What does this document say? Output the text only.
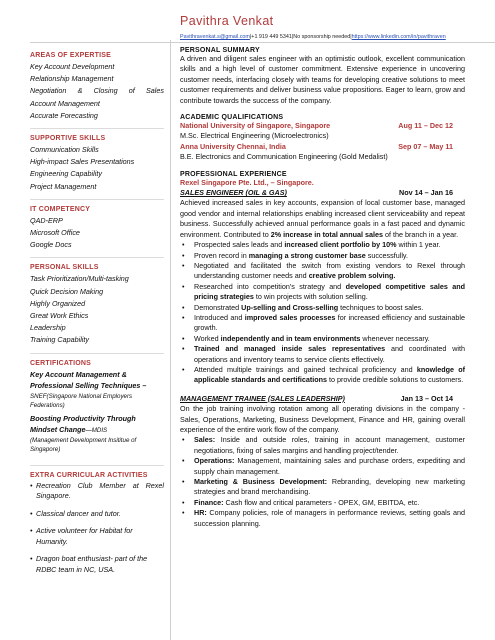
Pavithra Venkat
Pavithravenkat.s@gmail.com|+1 919 449 5341|No sponsorship needed|https://www.linkedin.com/in/pavithraven
AREAS OF EXPERTISE
Key Account Development
Relationship Management
Negotiation & Closing of Sales
Account Management
Accurate Forecasting
SUPPORTIVE SKILLS
Communication Skills
High-impact Sales Presentations
Engineering Capability
Project Management
IT COMPETENCY
QAD-ERP
Microsoft Office
Google Docs
PERSONAL SKILLS
Task Prioritization/Multi-tasking
Quick Decision Making
Highly Organized
Great Work Ethics
Leadership
Training Capability
CERTIFICATIONS
Key Account Management &
Professional Selling Techniques –
SNEF(Singapore National Employers Federations)
Boosting Productivity Through
Mindset Change—MDIS
(Management Development Insititue of Singapore)
EXTRA CURRICULAR ACTIVITIES
• Recreation Club Member at Rexel Singapore.
• Classical dancer and tutor.
• Active volunteer for Habitat for Humanity.
• Dragon boat enthusiast- part of the RDBC team in NC, USA.
PERSONAL SUMMARY
A driven and diligent sales engineer with an optimistic outlook, excellent communication skills and a high level of customer commitment. Extensive experience in uncovering customer needs, interfacing closely with teams for developing creative solutions to meet customer requirements and deliver business value propositions. Eager to learn, grow and contribute towards the success of the company.
ACADEMIC QUALIFICATIONS
National University of Singapore, Singapore	Aug 11 – Dec 12
M.Sc. Electrical Engineering (Microelectronics)
Anna University Chennai, India	Sep 07 – May 11
B.E. Electronics and Communication Engineering (Gold Medalist)
PROFESSIONAL EXPERIENCE
Rexel Singapore Pte. Ltd., – Singapore.
SALES ENGINEER (OIL & GAS)	Nov 14 – Jan 16
Achieved increased sales in key accounts, expansion of local customer base, managed good vendor and internal relationships enabling increased client serviceability and repeat business. Successfully achieved annual performance goals in a fast paced and dynamic environment. Contributed to 2% increase in total annual sales of the branch in a year.
•	Prospected sales leads and increased client portfolio by 10% within 1 year.
•	Proven record in managing a strong customer base successfully.
•	Negotiated and facilitated the switch from existing vendors to Rexel through understanding customer needs and creative problem solving.
•	Researched into competition's strategy and developed competitive sales and pricing strategies to win projects with solution selling.
•	Demonstrated Up-selling and Cross-selling techniques to boost sales.
•	Introduced and improved sales processes for increased efficiency and sustainable growth.
•	Worked independently and in team environments whenever necessary.
•	Trained and managed inside sales representatives and coordinated with operations and inventory teams to service clients effectively.
•	Attended multiple trainings and gained technical proficiency and knowledge of applicable standards and certifications to provide credible solutions to customers.
MANAGEMENT TRAINEE (SALES LEADERSHIP)	Jan 13 – Oct 14
On the job training involving rotation among all operating divisions in the company - Sales, Operations, Marketing, Business Development, Finance and HR, gaining overall experience of the entire work flow of the company.
•	Sales: Inside and outside roles, training in account management, customer negotiations, fixing of sales margins and handling project/tender.
•	Operations: Management, maintaining sales and purchase orders, expediting and supply chain management.
•	Marketing & Business Development: Rebranding, developing new marketing strategies and brand merchandising.
•	Finance: Cash flow and critical parameters - OPEX, GM, EBITDA, etc.
•	HR: Company policies, role of managers in performance reviews, setting goals and succession planning.
